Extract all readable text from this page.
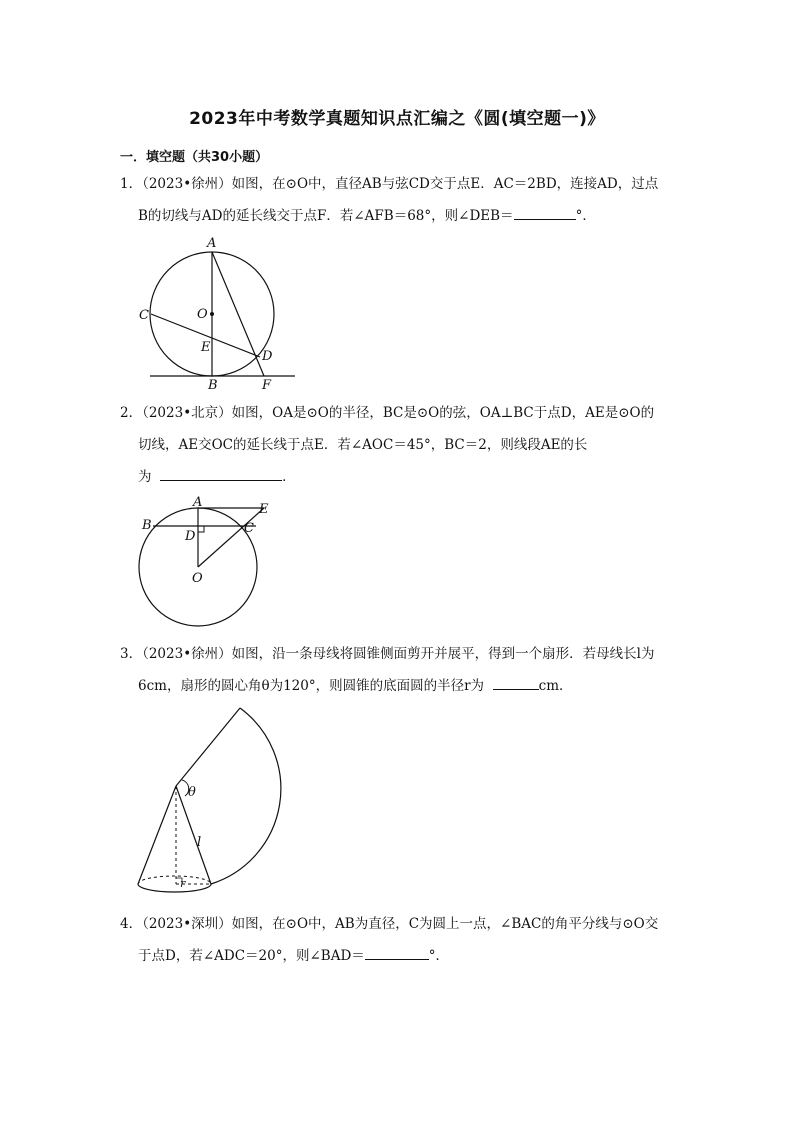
2023年中考数学真题知识点汇编之《圆(填空题一)》
一．填空题（共30小题）
1．（2023•徐州）如图，在⊙O中，直径AB与弦CD交于点E．AC＝2BD，连接AD，过点
B的切线与AD的延长线交于点F．若∠AFB＝68°，则∠DEB＝	°．
A
C	O
E
D
B	F
2．（2023•北京）如图，OA是⊙O的半径，BC是⊙O的弦，OA⊥BC于点D，AE是⊙O的
切线，AE交OC的延长线于点E．若∠AOC＝45°，BC＝2，则线段AE的长
为	．
A	E
B	C
D
O
3．（2023•徐州）如图，沿一条母线将圆锥侧面剪开并展平，得到一个扇形．若母线长l为
6cm，扇形的圆心角θ为120°，则圆锥的底面圆的半径r为	cm．
θ
l
r
4．（2023•深圳）如图，在⊙O中，AB为直径，C为圆上一点，∠BAC的角平分线与⊙O交
于点D，若∠ADC＝20°，则∠BAD＝	°．
